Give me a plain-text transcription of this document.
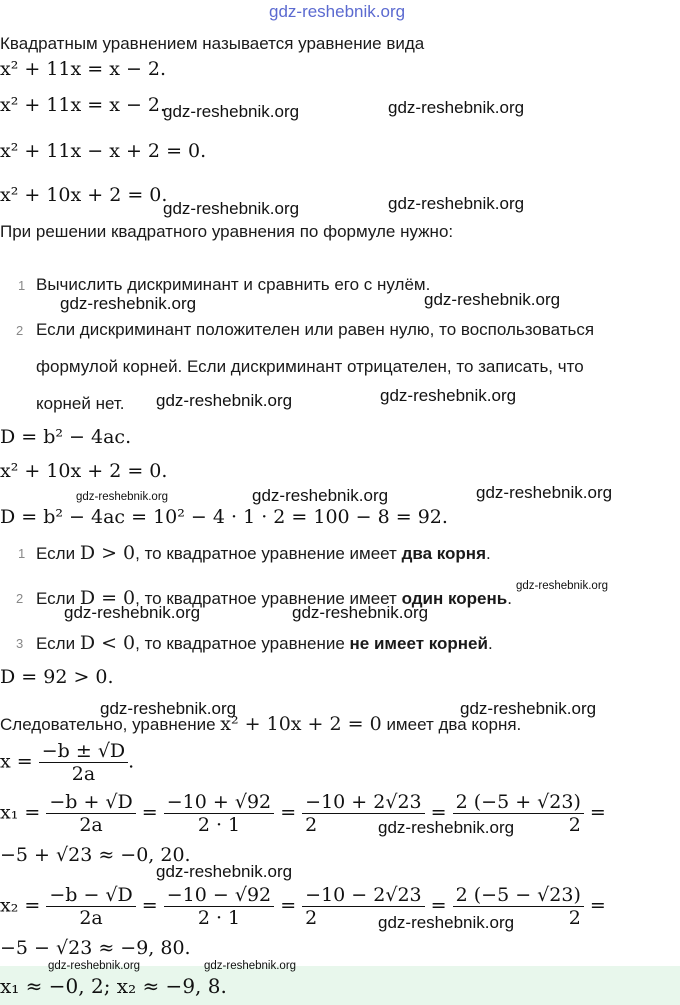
gdz-reshebnik.org
Квадратным уравнением называется уравнение вида
x² + 11x = x − 2.
x² + 11x = x − 2.
gdz-reshebnik.org	gdz-reshebnik.org
x² + 11x − x + 2 = 0.
x² + 10x + 2 = 0.
gdz-reshebnik.org	gdz-reshebnik.org
При решении квадратного уравнения по формуле нужно:
1 Вычислить дискриминант и сравнить его с нулём.
gdz-reshebnik.org	gdz-reshebnik.org
2 Если дискриминант положителен или равен нулю, то воспользоваться
формулой корней. Если дискриминант отрицателен, то записать, что
корней нет. gdz-reshebnik.org	gdz-reshebnik.org
D = b² − 4ac.
x² + 10x + 2 = 0.
gdz-reshebnik.org	gdz-reshebnik.org	gdz-reshebnik.org
D = b² − 4ac = 10² − 4 · 1 · 2 = 100 − 8 = 92.
1 Если D > 0, то квадратное уравнение имеет два корня.
gdz-reshebnik.org
2 Если D = 0, то квадратное уравнение имеет один корень.
gdz-reshebnik.org	gdz-reshebnik.org
3 Если D < 0, то квадратное уравнение не имеет корней.
D = 92 > 0.
gdz-reshebnik.org	gdz-reshebnik.org
Следовательно, уравнение x² + 10x + 2 = 0 имеет два корня.
$x = \frac{-b \pm √D}{2a}$ .
$x_1 = \frac{-b + √D}{2a} = \frac{-10 + √92}{2 \cdot 1} = \frac{-10 + 2√23}{2} = \frac{2 (-5 + √23)}{2}$ =
gdz-reshebnik.org
−5 + √23 ≈ −0, 20.
gdz-reshebnik.org
$x_2 = \frac{-b - √D}{2a} = \frac{-10 - √92}{2 \cdot 1} = \frac{-10 - 2√23}{2} = \frac{2 (-5 - √23)}{2}$ =
gdz-reshebnik.org
−5 − √23 ≈ −9, 80.
gdz-reshebnik.org	gdz-reshebnik.org
x₁ ≈ −0, 2; x₂ ≈ −9, 8.
